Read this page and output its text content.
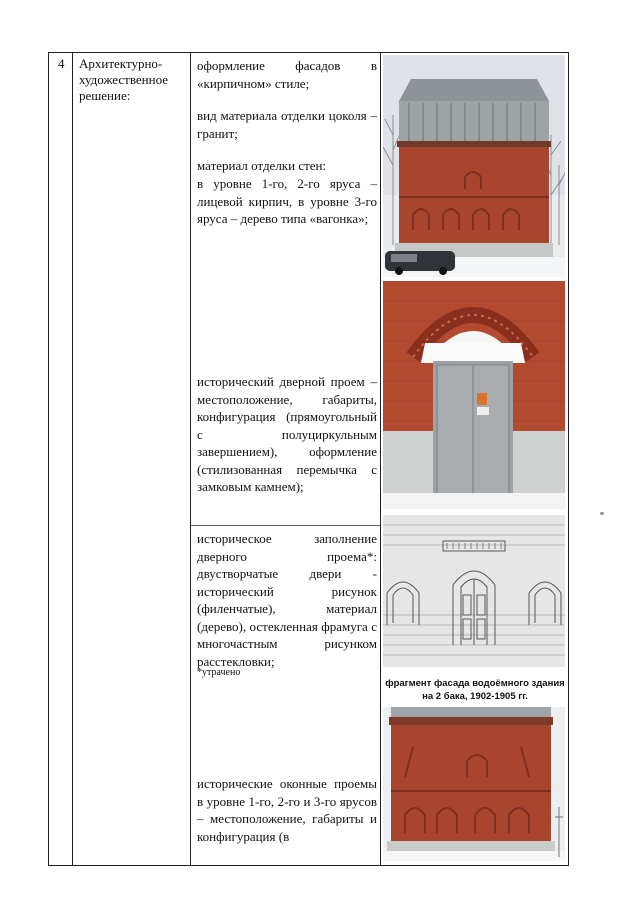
4	Архитектурно-художественное решение:

оформление фасадов в «кирпичном» стиле;
вид материала отделки цоколя –гранит;
материал отделки стен:
в уровне 1-го, 2-го яруса – лицевой кирпич, в уровне 3-го яруса – дерево типа «вагонка»;
исторический дверной проем – местоположение, габариты, конфигурация (прямоугольный с полуциркульным завершением), оформление (стилизованная перемычка с замковым камнем);
историческое заполнение дверного проема*: двустворчатые двери - исторический рисунок (филенчатые), материал (дерево), остекленная фрамуга с многочастным рисунком расстекловки;
*утрачено
исторические оконные проемы в уровне 1-го, 2-го и 3-го ярусов – местоположение, габариты и конфигурация (в

фрагмент фасада водоёмного здания на 2 бака, 1902-1905 гг.
